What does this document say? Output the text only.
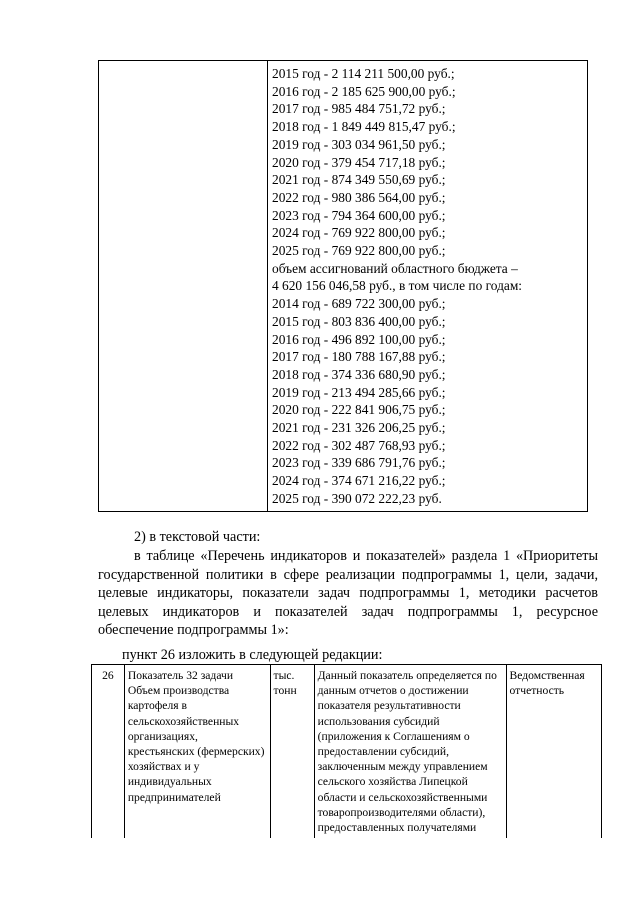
2015 год - 2 114 211 500,00 руб.;
2016 год - 2 185 625 900,00 руб.;
2017 год - 985 484 751,72 руб.;
2018 год - 1 849 449 815,47 руб.;
2019 год - 303 034 961,50 руб.;
2020 год - 379 454 717,18 руб.;
2021 год - 874 349 550,69 руб.;
2022 год - 980 386 564,00 руб.;
2023 год - 794 364 600,00 руб.;
2024 год - 769 922 800,00 руб.;
2025 год - 769 922 800,00 руб.;
объем ассигнований областного бюджета –
4 620 156 046,58 руб., в том числе по годам:
2014 год - 689 722 300,00 руб.;
2015 год - 803 836 400,00 руб.;
2016 год - 496 892 100,00 руб.;
2017 год - 180 788 167,88 руб.;
2018 год - 374 336 680,90 руб.;
2019 год - 213 494 285,66 руб.;
2020 год - 222 841 906,75 руб.;
2021 год - 231 326 206,25 руб.;
2022 год - 302 487 768,93 руб.;
2023 год - 339 686 791,76 руб.;
2024 год - 374 671 216,22 руб.;
2025 год - 390 072 222,23 руб.
2) в текстовой части:
в таблице «Перечень индикаторов и показателей» раздела 1 «Приоритеты государственной политики в сфере реализации подпрограммы 1, цели, задачи, целевые индикаторы, показатели задач подпрограммы 1, методики расчетов целевых индикаторов и показателей задач подпрограммы 1, ресурсное обеспечение подпрограммы 1»:
пункт 26 изложить в следующей редакции:
26	Показатель 32 задачи Объем производства картофеля в сельскохозяйственных организациях, крестьянских (фермерских) хозяйствах и у индивидуальных предпринимателей	тыс. тонн	Данный показатель определяется по данным отчетов о достижении показателя результативности использования субсидий (приложения к Соглашениям о предоставлении субсидий, заключенным между управлением сельского хозяйства Липецкой области и сельскохозяйственными товаропроизводителями области), предоставленных получателями	Ведомственная отчетность
